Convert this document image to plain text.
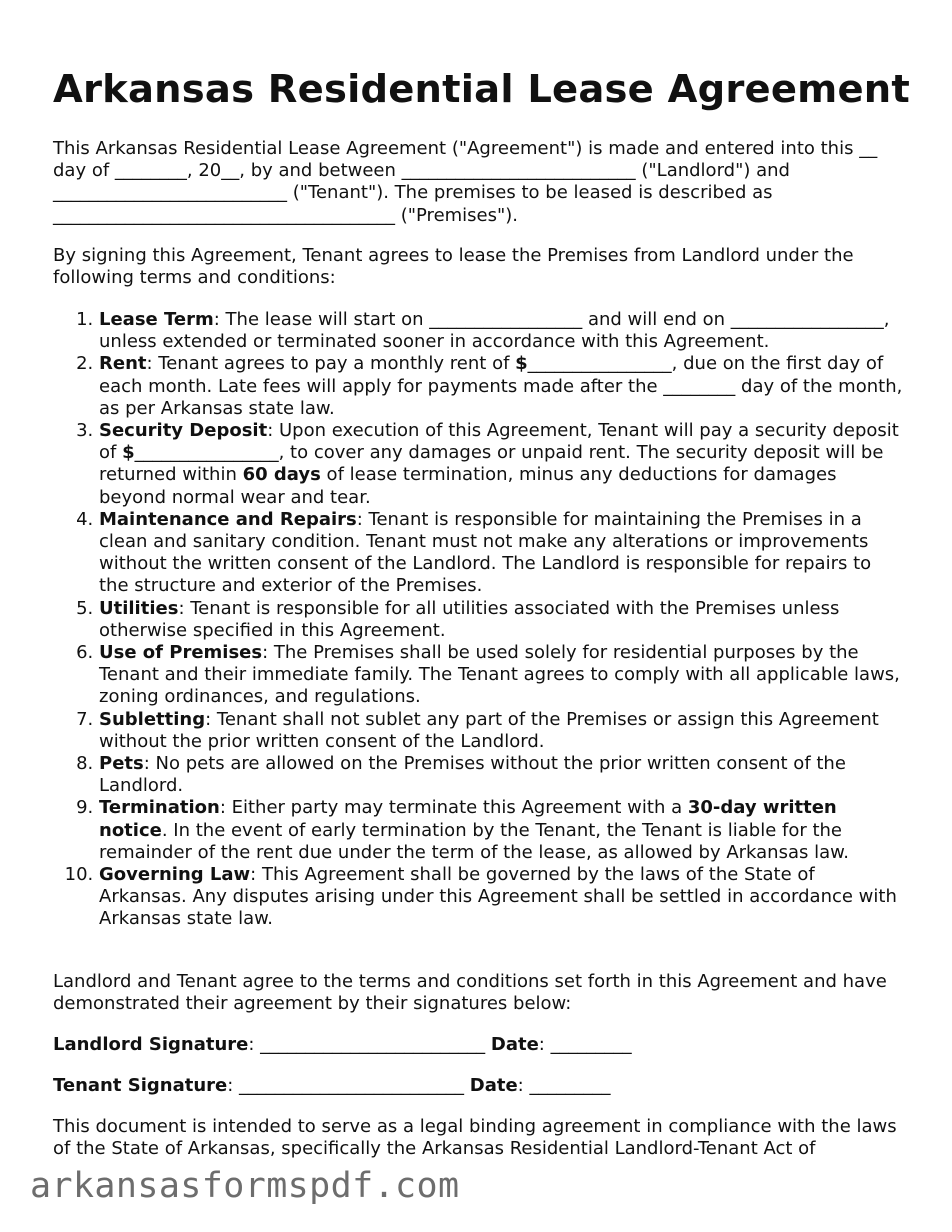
Arkansas Residential Lease Agreement

This Arkansas Residential Lease Agreement ("Agreement") is made and entered into this __ day of ________, 20__, by and between __________________________ ("Landlord") and __________________________ ("Tenant"). The premises to be leased is described as ______________________________________ ("Premises").

By signing this Agreement, Tenant agrees to lease the Premises from Landlord under the following terms and conditions:

1. Lease Term: The lease will start on _________________ and will end on _________________, unless extended or terminated sooner in accordance with this Agreement.
2. Rent: Tenant agrees to pay a monthly rent of $________________, due on the first day of each month. Late fees will apply for payments made after the ________ day of the month, as per Arkansas state law.
3. Security Deposit: Upon execution of this Agreement, Tenant will pay a security deposit of $________________, to cover any damages or unpaid rent. The security deposit will be returned within 60 days of lease termination, minus any deductions for damages beyond normal wear and tear.
4. Maintenance and Repairs: Tenant is responsible for maintaining the Premises in a clean and sanitary condition. Tenant must not make any alterations or improvements without the written consent of the Landlord. The Landlord is responsible for repairs to the structure and exterior of the Premises.
5. Utilities: Tenant is responsible for all utilities associated with the Premises unless otherwise specified in this Agreement.
6. Use of Premises: The Premises shall be used solely for residential purposes by the Tenant and their immediate family. The Tenant agrees to comply with all applicable laws, zoning ordinances, and regulations.
7. Subletting: Tenant shall not sublet any part of the Premises or assign this Agreement without the prior written consent of the Landlord.
8. Pets: No pets are allowed on the Premises without the prior written consent of the Landlord.
9. Termination: Either party may terminate this Agreement with a 30-day written notice. In the event of early termination by the Tenant, the Tenant is liable for the remainder of the rent due under the term of the lease, as allowed by Arkansas law.
10. Governing Law: This Agreement shall be governed by the laws of the State of Arkansas. Any disputes arising under this Agreement shall be settled in accordance with Arkansas state law.

Landlord and Tenant agree to the terms and conditions set forth in this Agreement and have demonstrated their agreement by their signatures below:

Landlord Signature: _________________________ Date: _________
Tenant Signature: _________________________ Date: _________

This document is intended to serve as a legal binding agreement in compliance with the laws of the State of Arkansas, specifically the Arkansas Residential Landlord-Tenant Act of

arkansasformspdf.com
